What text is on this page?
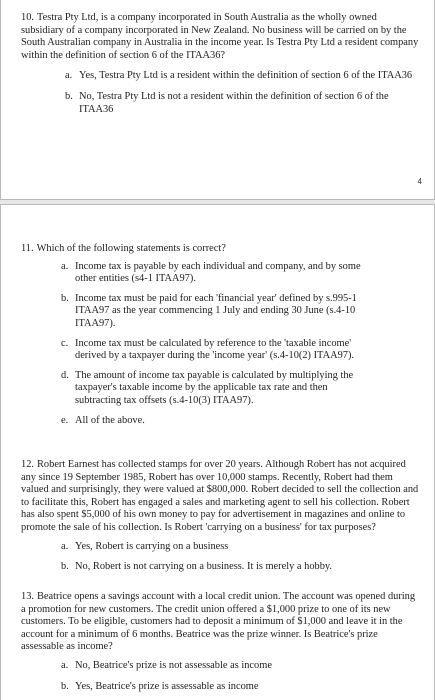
10. Testra Pty Ltd, is a company incorporated in South Australia as the wholly owned subsidiary of a company incorporated in New Zealand. No business will be carried on by the South Australian company in Australia in the income year. Is Testra Pty Ltd a resident company within the definition of section 6 of the ITAA36?

a. Yes, Testra Pty Ltd is a resident within the definition of section 6 of the ITAA36
b. No, Testra Pty Ltd is not a resident within the definition of section 6 of the ITAA36
4

11. Which of the following statements is correct?

a. Income tax is payable by each individual and company, and by some other entities (s4-1 ITAA97).
b. Income tax must be paid for each 'financial year' defined by s.995-1 ITAA97 as the year commencing 1 July and ending 30 June (s.4-10 ITAA97).
c. Income tax must be calculated by reference to the 'taxable income' derived by a taxpayer during the 'income year' (s.4-10(2) ITAA97).
d. The amount of income tax payable is calculated by multiplying the taxpayer's taxable income by the applicable tax rate and then subtracting tax offsets (s.4-10(3) ITAA97).
e. All of the above.

12. Robert Earnest has collected stamps for over 20 years. Although Robert has not acquired any since 19 September 1985, Robert has over 10,000 stamps. Recently, Robert had them valued and surprisingly, they were valued at $800,000. Robert decided to sell the collection and to facilitate this, Robert has engaged a sales and marketing agent to sell his collection. Robert has also spent $5,000 of his own money to pay for advertisement in magazines and online to promote the sale of his collection. Is Robert 'carrying on a business' for tax purposes?

a. Yes, Robert is carrying on a business
b. No, Robert is not carrying on a business. It is merely a hobby.

13. Beatrice opens a savings account with a local credit union. The account was opened during a promotion for new customers. The credit union offered a $1,000 prize to one of its new customers. To be eligible, customers had to deposit a minimum of $1,000 and leave it in the account for a minimum of 6 months. Beatrice was the prize winner. Is Beatrice's prize assessable as income?

a. No, Beatrice's prize is not assessable as income
b. Yes, Beatrice's prize is assessable as income
